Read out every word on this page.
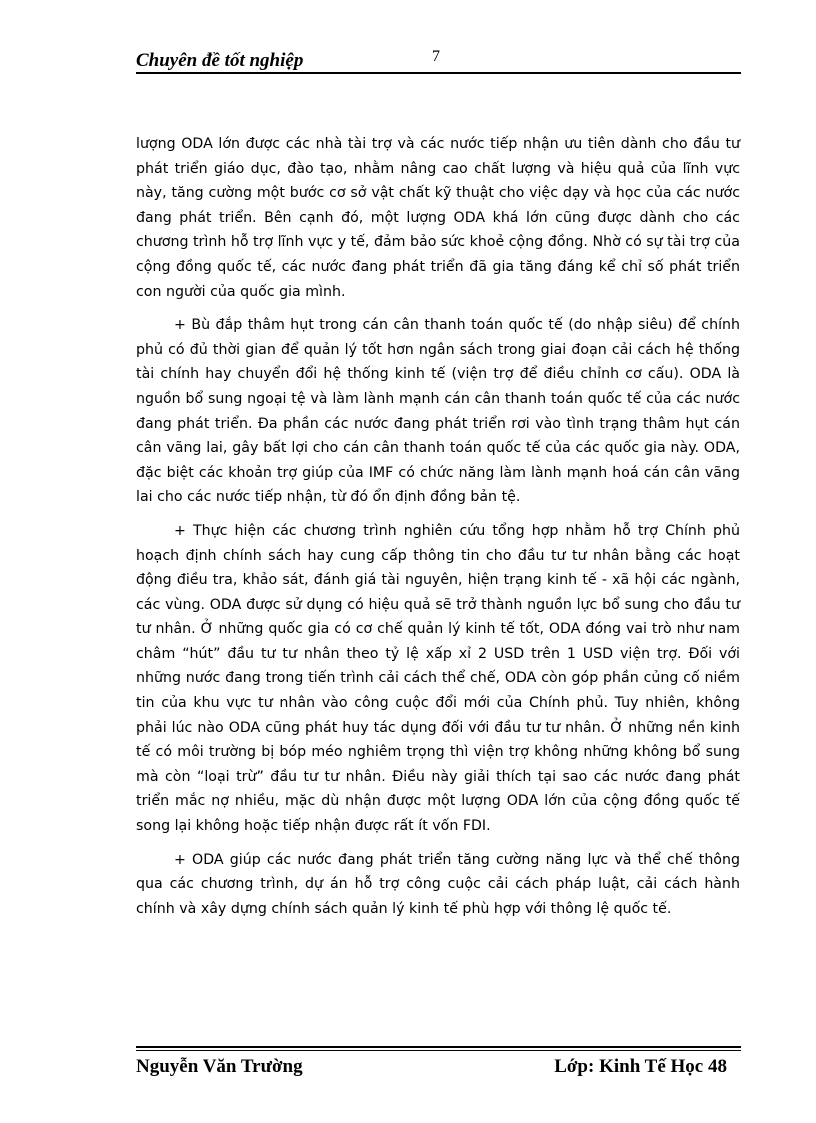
Chuyên đề tốt nghiệp	7

lượng ODA lớn được các nhà tài trợ và các nước tiếp nhận ưu tiên dành cho đầu tư phát triển giáo dục, đào tạo, nhằm nâng cao chất lượng và hiệu quả của lĩnh vực này, tăng cường một bước cơ sở vật chất kỹ thuật cho việc dạy và học của các nước đang phát triển. Bên cạnh đó, một lượng ODA khá lớn cũng được dành cho các chương trình hỗ trợ lĩnh vực y tế, đảm bảo sức khoẻ cộng đồng. Nhờ có sự tài trợ của cộng đồng quốc tế, các nước đang phát triển đã gia tăng đáng kể chỉ số phát triển con người của quốc gia mình.

+ Bù đắp thâm hụt trong cán cân thanh toán quốc tế (do nhập siêu) để chính phủ có đủ thời gian để quản lý tốt hơn ngân sách trong giai đoạn cải cách hệ thống tài chính hay chuyển đổi hệ thống kinh tế (viện trợ để điều chỉnh cơ cấu). ODA là nguồn bổ sung ngoại tệ và làm lành mạnh cán cân thanh toán quốc tế của các nước đang phát triển. Đa phần các nước đang phát triển rơi vào tình trạng thâm hụt cán cân vãng lai, gây bất lợi cho cán cân thanh toán quốc tế của các quốc gia này. ODA, đặc biệt các khoản trợ giúp của IMF có chức năng làm lành mạnh hoá cán cân vãng lai cho các nước tiếp nhận, từ đó ổn định đồng bản tệ.

+ Thực hiện các chương trình nghiên cứu tổng hợp nhằm hỗ trợ Chính phủ hoạch định chính sách hay cung cấp thông tin cho đầu tư tư nhân bằng các hoạt động điều tra, khảo sát, đánh giá tài nguyên, hiện trạng kinh tế - xã hội các ngành, các vùng. ODA được sử dụng có hiệu quả sẽ trở thành nguồn lực bổ sung cho đầu tư tư nhân. Ở những quốc gia có cơ chế quản lý kinh tế tốt, ODA đóng vai trò như nam châm “hút” đầu tư tư nhân theo tỷ lệ xấp xỉ 2 USD trên 1 USD viện trợ. Đối với những nước đang trong tiến trình cải cách thể chế, ODA còn góp phần củng cố niềm tin của khu vực tư nhân vào công cuộc đổi mới của Chính phủ. Tuy nhiên, không phải lúc nào ODA cũng phát huy tác dụng đối với đầu tư tư nhân. Ở những nền kinh tế có môi trường bị bóp méo nghiêm trọng thì viện trợ không những không bổ sung mà còn “loại trừ” đầu tư tư nhân. Điều này giải thích tại sao các nước đang phát triển mắc nợ nhiều, mặc dù nhận được một lượng ODA lớn của cộng đồng quốc tế song lại không hoặc tiếp nhận được rất ít vốn FDI.

+ ODA giúp các nước đang phát triển tăng cường năng lực và thể chế thông qua các chương trình, dự án hỗ trợ công cuộc cải cách pháp luật, cải cách hành chính và xây dựng chính sách quản lý kinh tế phù hợp với thông lệ quốc tế.

Nguyễn Văn Trường	Lớp: Kinh Tế Học 48
